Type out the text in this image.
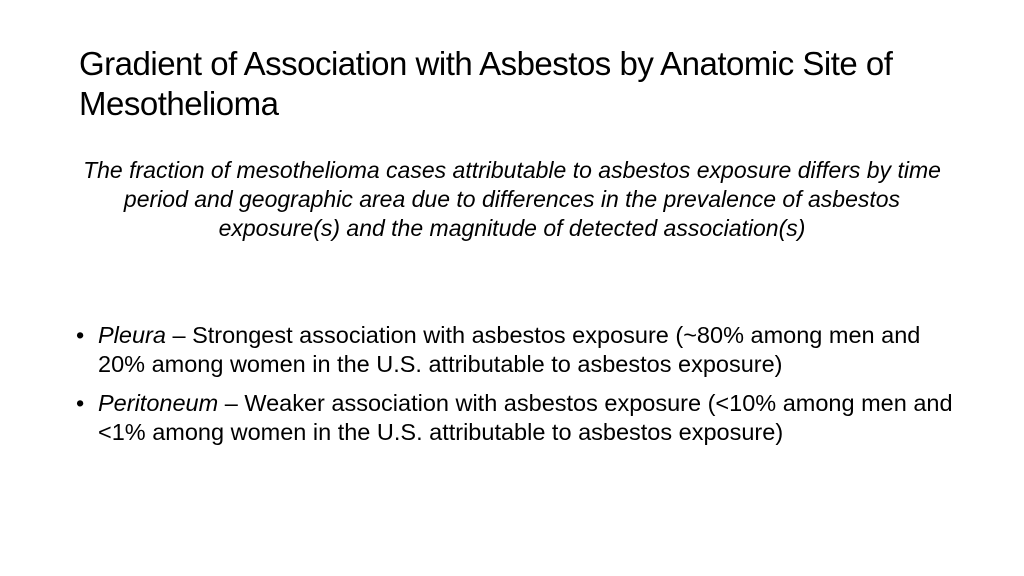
Gradient of Association with Asbestos by Anatomic Site of Mesothelioma

The fraction of mesothelioma cases attributable to asbestos exposure differs by time period and geographic area due to differences in the prevalence of asbestos exposure(s) and the magnitude of detected association(s)

• Pleura – Strongest association with asbestos exposure (~80% among men and 20% among women in the U.S. attributable to asbestos exposure)
• Peritoneum – Weaker association with asbestos exposure (<10% among men and <1% among women in the U.S. attributable to asbestos exposure)
